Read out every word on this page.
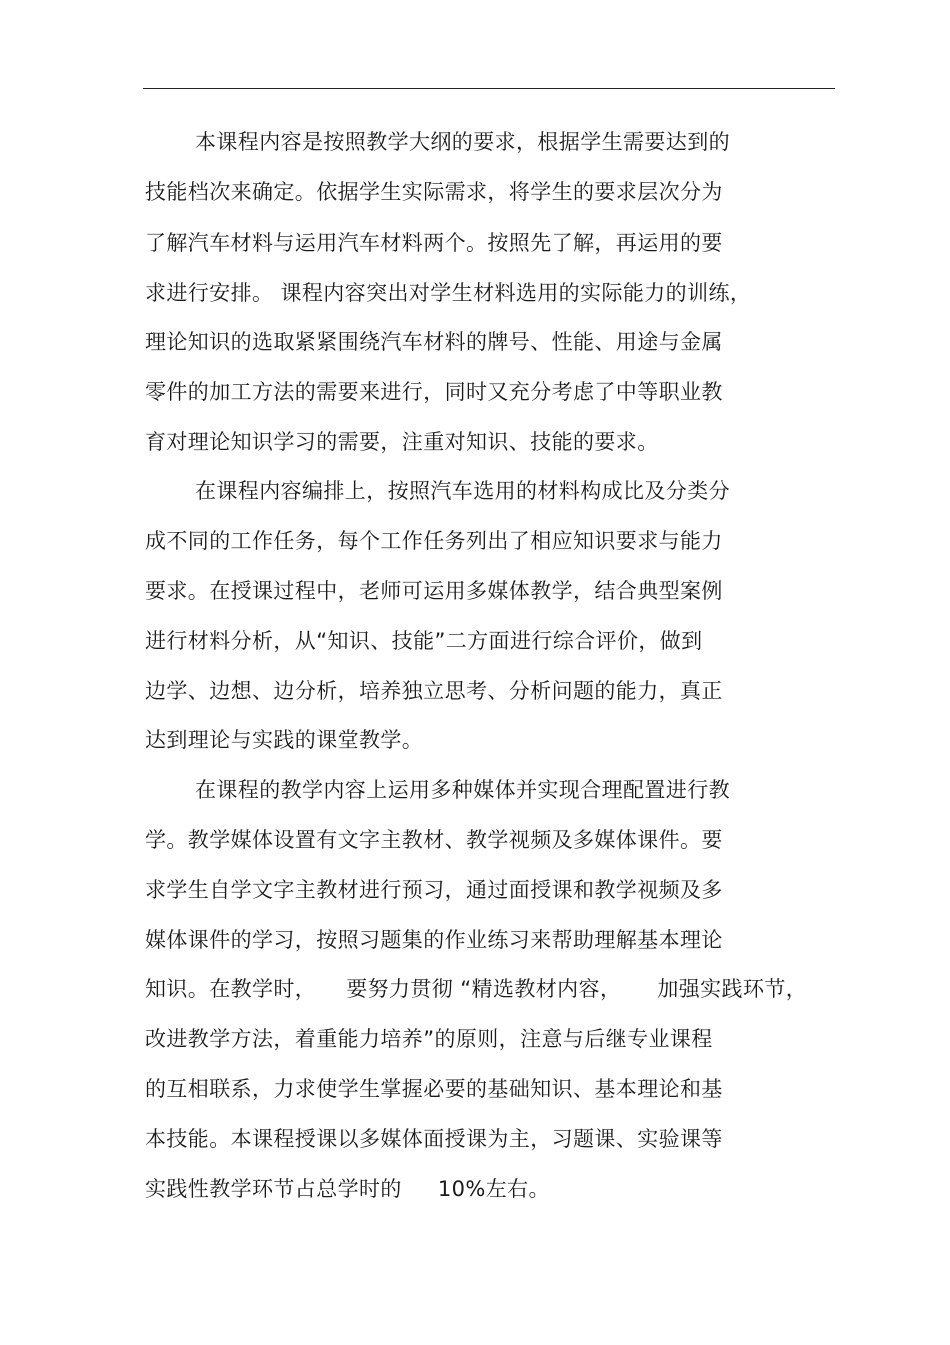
本课程内容是按照教学大纲的要求，根据学生需要达到的
技能档次来确定。依据学生实际需求，将学生的要求层次分为
了解汽车材料与运用汽车材料两个。按照先了解，再运用的要
求进行安排。 课程内容突出对学生材料选用的实际能力的训练，
理论知识的选取紧紧围绕汽车材料的牌号、性能、用途与金属
零件的加工方法的需要来进行，同时又充分考虑了中等职业教
育对理论知识学习的需要，注重对知识、技能的要求。
在课程内容编排上，按照汽车选用的材料构成比及分类分
成不同的工作任务，每个工作任务列出了相应知识要求与能力
要求。在授课过程中，老师可运用多媒体教学，结合典型案例
进行材料分析，从“知识、技能”二方面进行综合评价，做到
边学、边想、边分析，培养独立思考、分析问题的能力，真正
达到理论与实践的课堂教学。
在课程的教学内容上运用多种媒体并实现合理配置进行教
学。教学媒体设置有文字主教材、教学视频及多媒体课件。要
求学生自学文字主教材进行预习，通过面授课和教学视频及多
媒体课件的学习，按照习题集的作业练习来帮助理解基本理论
知识。在教学时， 要努力贯彻 “精选教材内容， 加强实践环节，
改进教学方法，着重能力培养”的原则，注意与后继专业课程
的互相联系，力求使学生掌握必要的基础知识、基本理论和基
本技能。本课程授课以多媒体面授课为主，习题课、实验课等
实践性教学环节占总学时的 10%左右。
